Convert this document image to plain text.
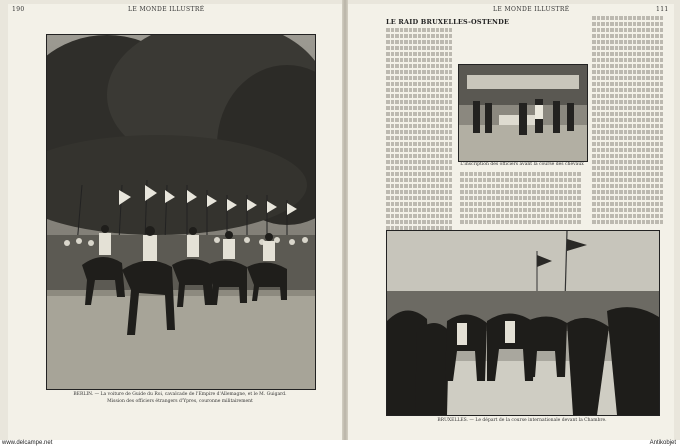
190	LE MONDE ILLUSTRÉ
BERLIN. — La voiture de Guide du Roi, cavalcade de l'Empire d'Allemagne, et le M. Guigard.
Mission des officiers étrangers d'Ypres, couronne militairement
LE MONDE ILLUSTRÉ	111
LE RAID BRUXELLES-OSTENDE
L'inscription des officiers avant la course des chevaux
BRUXELLES. — Le départ de la course internationale devant la Chambre.
www.delcampe.net	Antikobjet
